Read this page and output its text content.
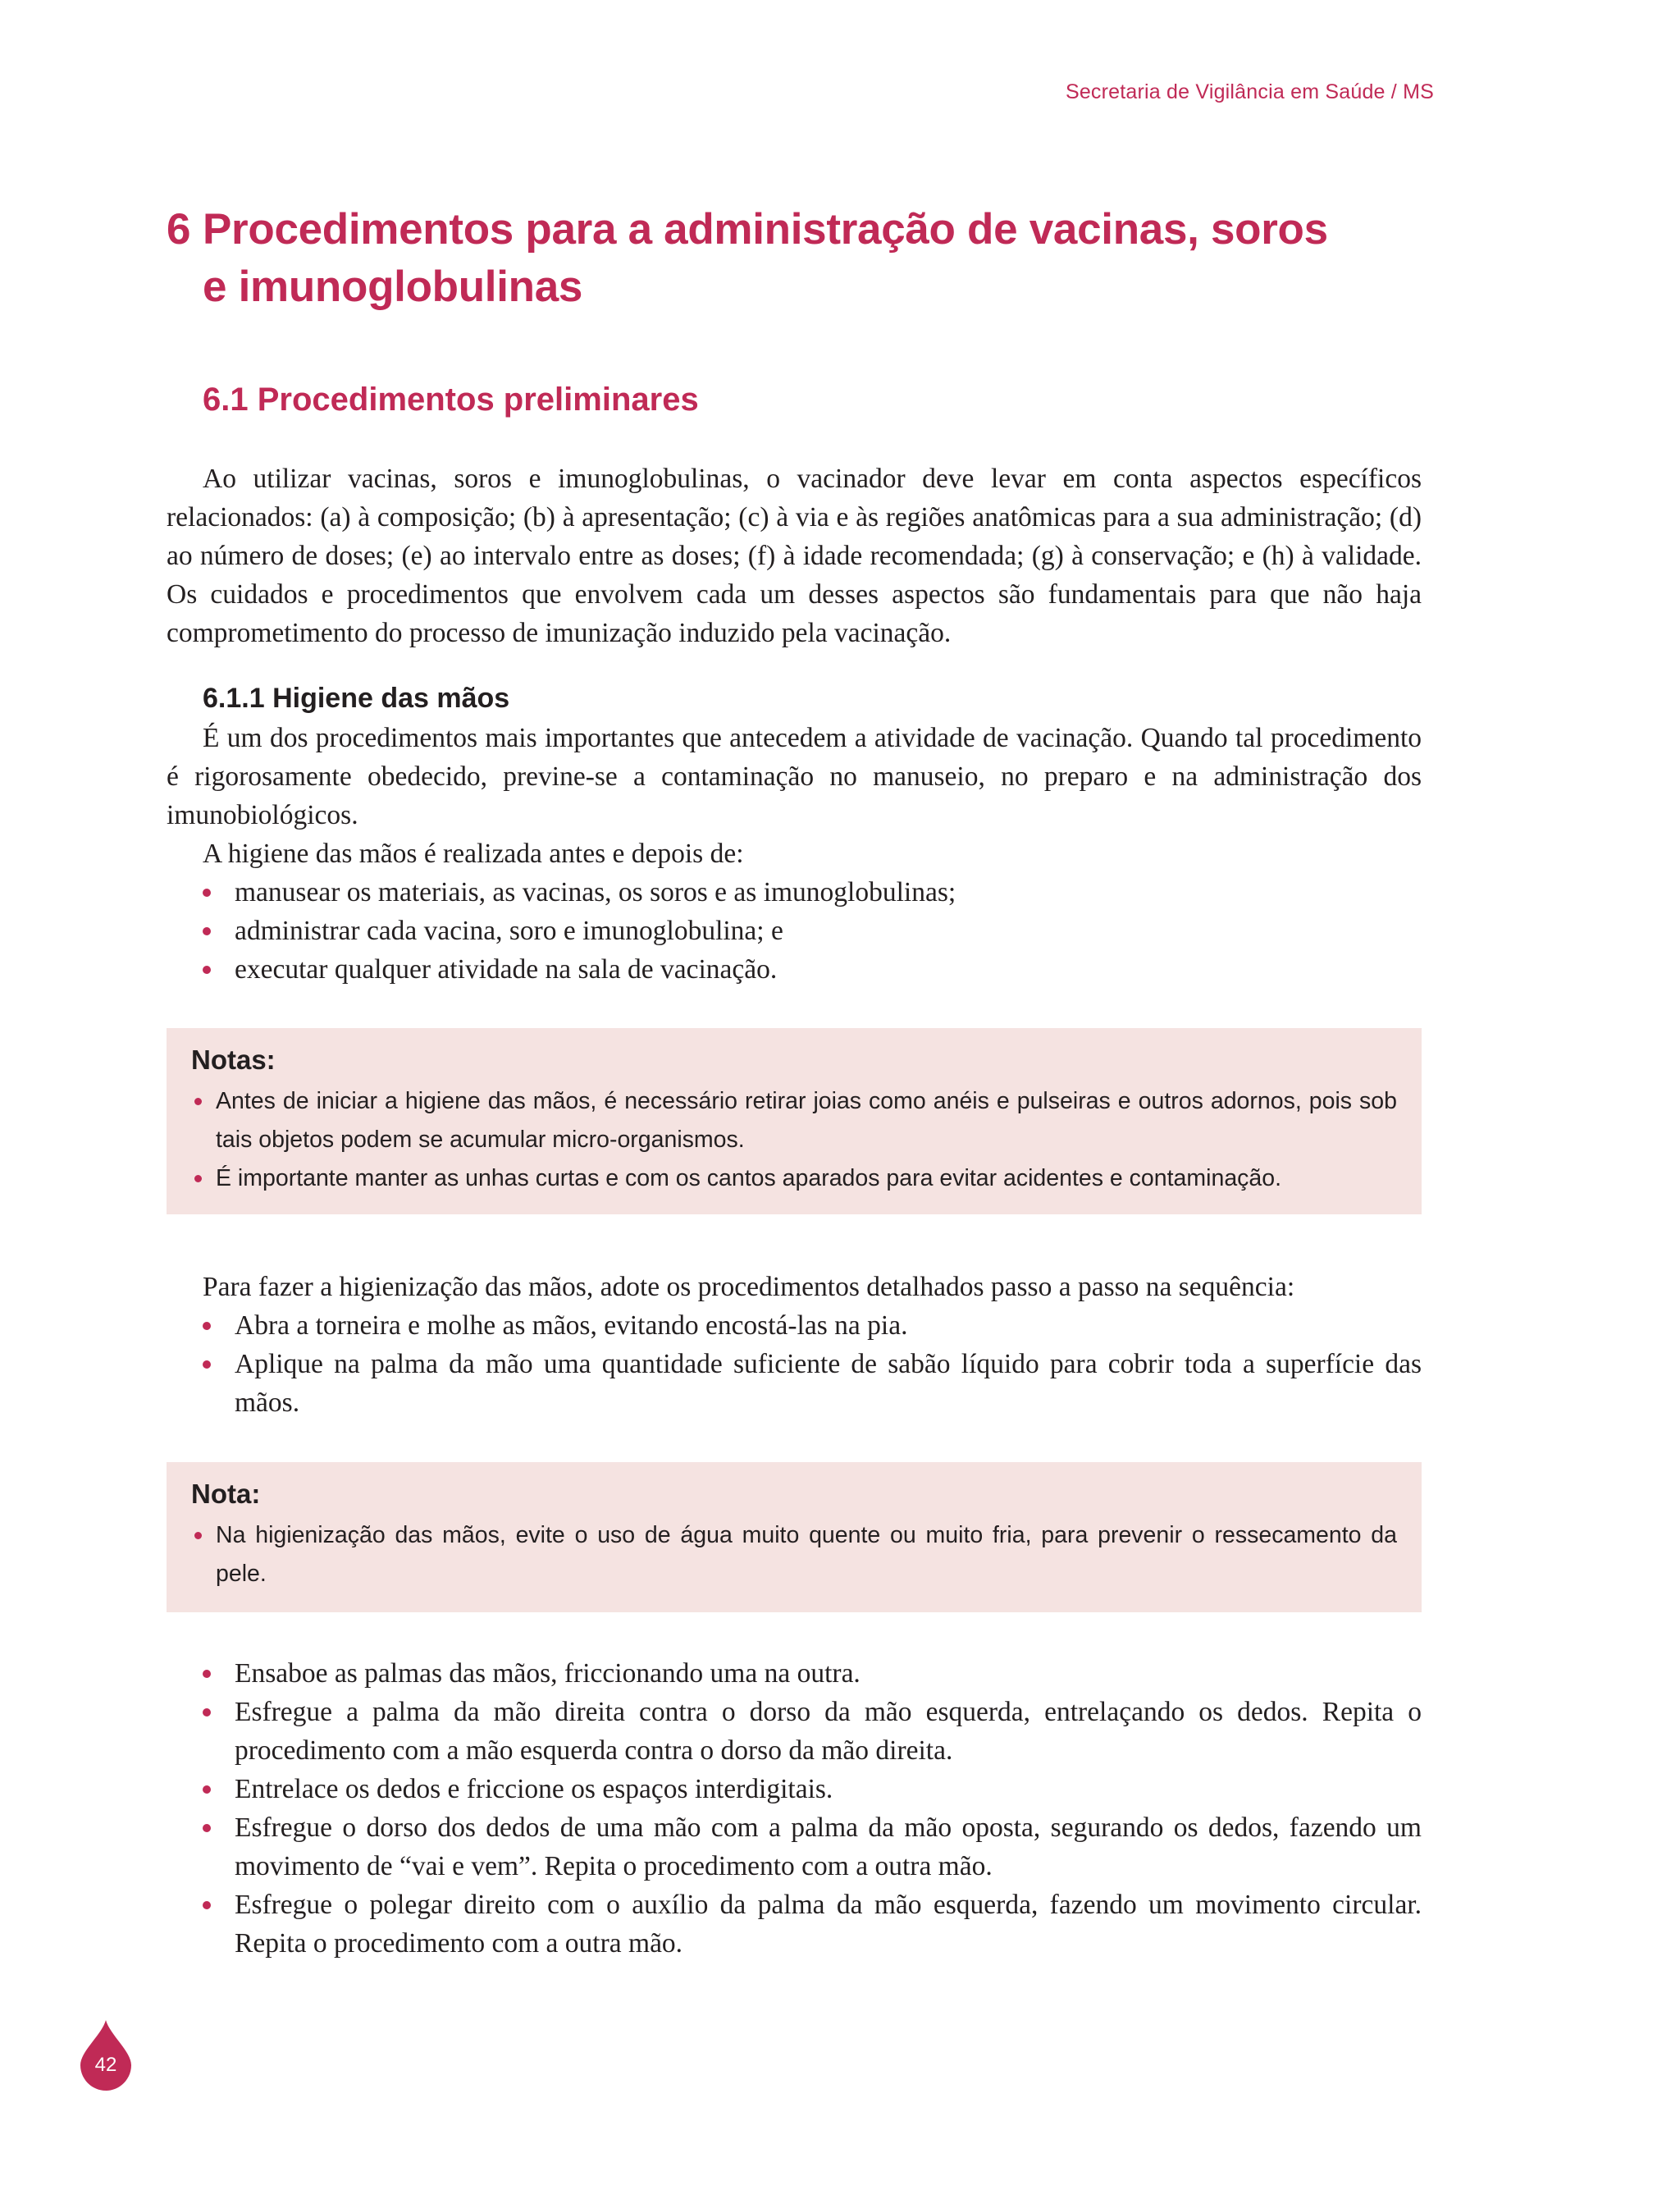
Secretaria de Vigilância em Saúde / MS
6 Procedimentos para a administração de vacinas, soros
e imunoglobulinas
6.1 Procedimentos preliminares

Ao utilizar vacinas, soros e imunoglobulinas, o vacinador deve levar em conta aspectos específicos relacionados: (a) à composição; (b) à apresentação; (c) à via e às regiões anatômicas para a sua administração; (d) ao número de doses; (e) ao intervalo entre as doses; (f) à idade recomendada; (g) à conservação; e (h) à validade. Os cuidados e procedimentos que envolvem cada um desses aspectos são fundamentais para que não haja comprometimento do processo de imunização induzido pela vacinação.

6.1.1 Higiene das mãos

É um dos procedimentos mais importantes que antecedem a atividade de vacinação. Quando tal procedimento é rigorosamente obedecido, previne-se a contaminação no manuseio, no preparo e na administração dos imunobiológicos.

A higiene das mãos é realizada antes e depois de:

manusear os materiais, as vacinas, os soros e as imunoglobulinas;
administrar cada vacina, soro e imunoglobulina; e
executar qualquer atividade na sala de vacinação.

Notas:

Antes de iniciar a higiene das mãos, é necessário retirar joias como anéis e pulseiras e outros adornos, pois sob tais objetos podem se acumular micro-organismos.
É importante manter as unhas curtas e com os cantos aparados para evitar acidentes e contaminação.

Para fazer a higienização das mãos, adote os procedimentos detalhados passo a passo na sequência:

Abra a torneira e molhe as mãos, evitando encostá-las na pia.
Aplique na palma da mão uma quantidade suficiente de sabão líquido para cobrir toda a superfície das mãos.

Nota:

Na higienização das mãos, evite o uso de água muito quente ou muito fria, para prevenir o ressecamento da pele.
Ensaboe as palmas das mãos, friccionando uma na outra.
Esfregue a palma da mão direita contra o dorso da mão esquerda, entrelaçando os dedos. Repita o procedimento com a mão esquerda contra o dorso da mão direita.
Entrelace os dedos e friccione os espaços interdigitais.
Esfregue o dorso dos dedos de uma mão com a palma da mão oposta, segurando os dedos, fazendo um movimento de “vai e vem”. Repita o procedimento com a outra mão.
Esfregue o polegar direito com o auxílio da palma da mão esquerda, fazendo um movimento circular. Repita o procedimento com a outra mão.
42
